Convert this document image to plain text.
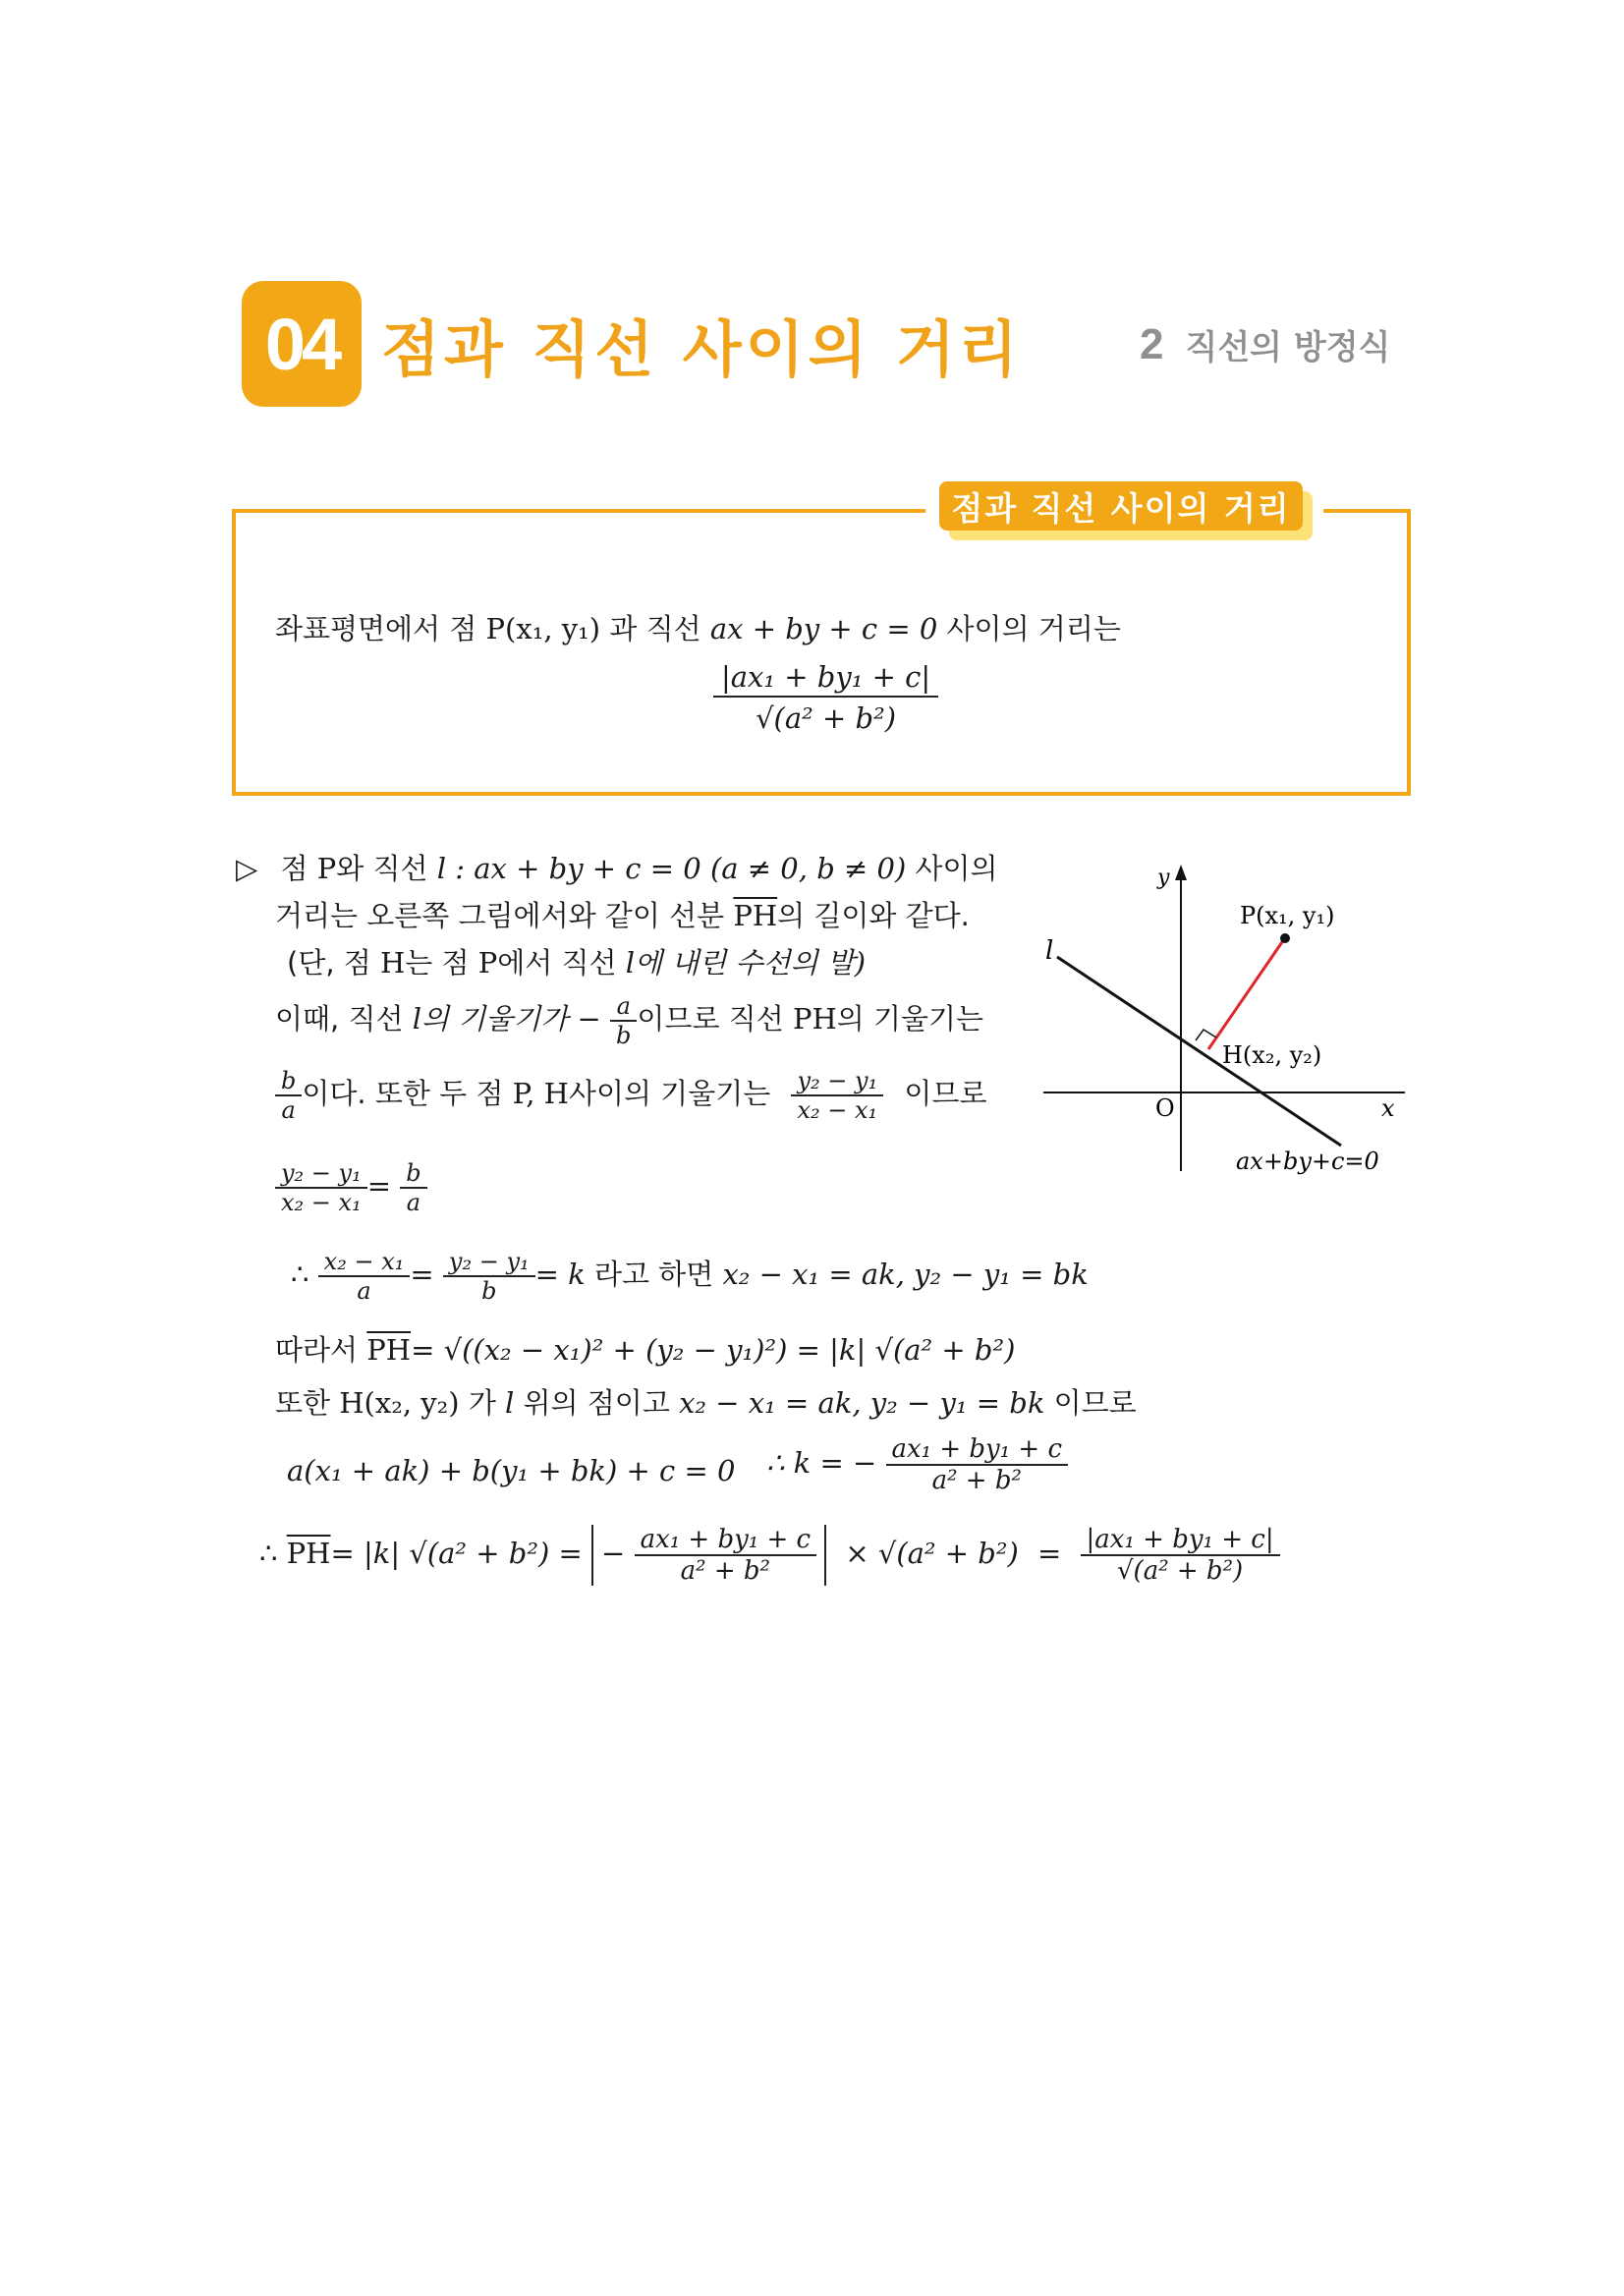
04 점과 직선 사이의 거리	2 직선의 방정식
점과 직선 사이의 거리
좌표평면에서 점 P(x₁, y₁) 과 직선 ax + by + c = 0 사이의 거리는
$\frac{\text{|ax₁ + by₁ + c|}}{\text{√(a² + b²)}}$
▷ 점 P와 직선 l : ax + by + c = 0 (a ≠ 0, b ≠ 0) 사이의
거리는 오른쪽 그림에서와 같이 선분 $\overline{PH}$의 길이와 같다.
(단, 점 H는 점 P에서 직선 l에 내린 수선의 발)
이때, 직선 l의 기울기가 − $\frac{a}{b}$ 이므로 직선 PH의 기울기는
$\frac{b}{a}$ 이다. 또한 두 점 P, H사이의 기울기는 $\frac{\text{y₂ − y₁}}{\text{x₂ − x₁}}$ 이므로
$\frac{\text{y₂ − y₁}}{\text{x₂ − x₁}} = \frac{b}{a}$
∴ $\frac{\text{x₂ − x₁}}{a} = \frac{\text{y₂ − y₁}}{b} = k$ 라고 하면 x₂ − x₁ = ak, y₂ − y₁ = bk
따라서 $\overline{PH}= √((x_2 - x_1)^2 + (y_2 - y_1)^2) = |k|$ √(a² + b²)
또한 H(x₂, y₂) 가 l 위의 점이고 x₂ − x₁ = ak, y₂ − y₁ = bk 이므로
a(x₁ + ak) + b(y₁ + bk) + c = 0 ∴ k = − $\frac{\text{ax₁ + by₁ + c}}{\text{a² + b²}}$
∴ $\overline{PH}= |k|$ √(a² + b²) = − $\frac{\text{ax₁ + by₁ + c}}{\text{a² + b²}} \times √(a^2 + b^2) = \frac{\text{|ax₁ + by₁ + c|}}{\text{√(a² + b²)}}$
y
x
O
l
P(x₁, y₁)
H(x₂, y₂)
ax+by+c=0
